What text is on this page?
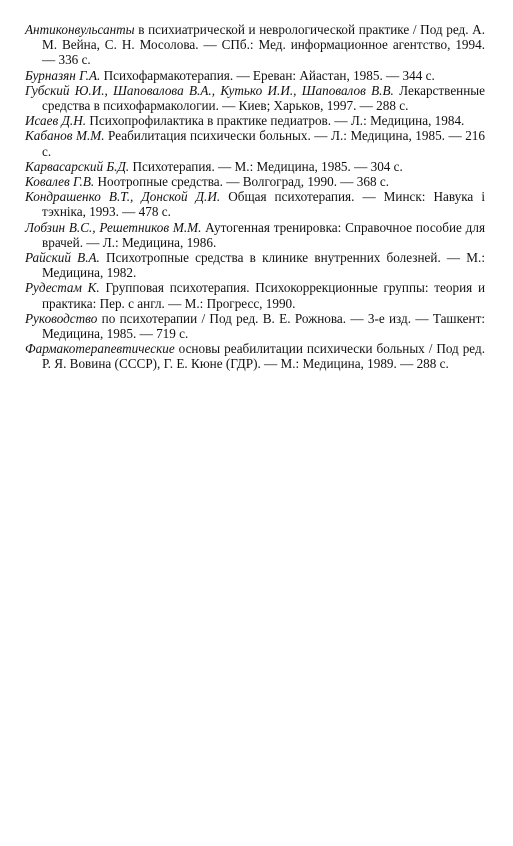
Антиконвульсанты в психиатрической и неврологической практике / Под ред. А. М. Вейна, С. Н. Мосолова. — СПб.: Мед. информационное агентство, 1994. — 336 с.

Бурназян Г.А. Психофармакотерапия. — Ереван: Айастан, 1985. — 344 с.

Губский Ю.И., Шаповалова В.А., Кутько И.И., Шаповалов В.В. Лекарственные средства в психофармакологии. — Киев; Харьков, 1997. — 288 с.

Исаев Д.Н. Психопрофилактика в практике педиатров. — Л.: Медицина, 1984.

Кабанов М.М. Реабилитация психически больных. — Л.: Медицина, 1985. — 216 с.

Карвасарский Б.Д. Психотерапия. — М.: Медицина, 1985. — 304 с.

Ковалев Г.В. Ноотропные средства. — Волгоград, 1990. — 368 с.

Кондрашенко В.Т., Донской Д.И. Общая психотерапия. — Минск: Навука і тэхніка, 1993. — 478 с.

Лобзин В.С., Решетников М.М. Аутогенная тренировка: Справочное пособие для врачей. — Л.: Медицина, 1986.

Райский В.А. Психотропные средства в клинике внутренних болезней. — М.: Медицина, 1982.

Рудестам К. Групповая психотерапия. Психокоррекционные группы: теория и практика: Пер. с англ. — М.: Прогресс, 1990.

Руководство по психотерапии / Под ред. В. Е. Рожнова. — 3-е изд. — Ташкент: Медицина, 1985. — 719 с.

Фармакотерапевтические основы реабилитации психически больных / Под ред. Р. Я. Вовина (СССР), Г. Е. Кюне (ГДР). — М.: Медицина, 1989. — 288 с.
